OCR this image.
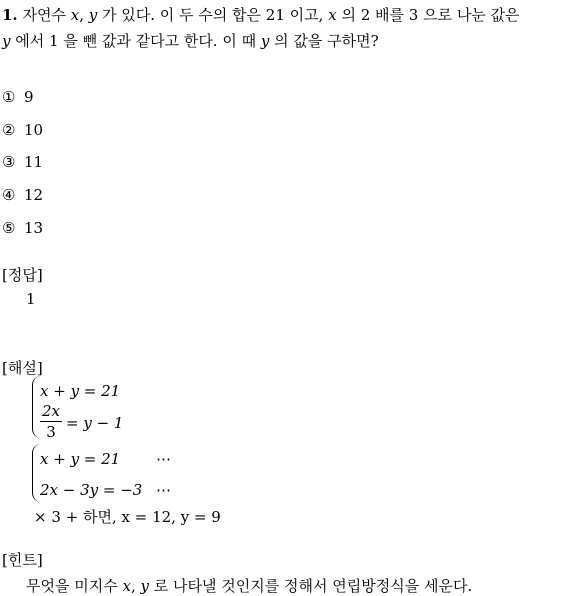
1. 자연수 x, y 가 있다. 이 두 수의 합은 21 이고, x 의 2 배를 3 으로 나눈 값은
y 에서 1 을 뺀 값과 같다고 한다. 이 때 y 의 값을 구하면?
① 9
② 10
③ 11
④ 12
⑤ 13
[정답]
1
[해설]
x + y = 21
2x
3 = y − 1
x + y = 21 ⋯
2x − 3y = −3 ⋯
× 3 + 하면, x = 12, y = 9
[힌트]
무엇을 미지수 x, y 로 나타낼 것인지를 정해서 연립방정식을 세운다.
